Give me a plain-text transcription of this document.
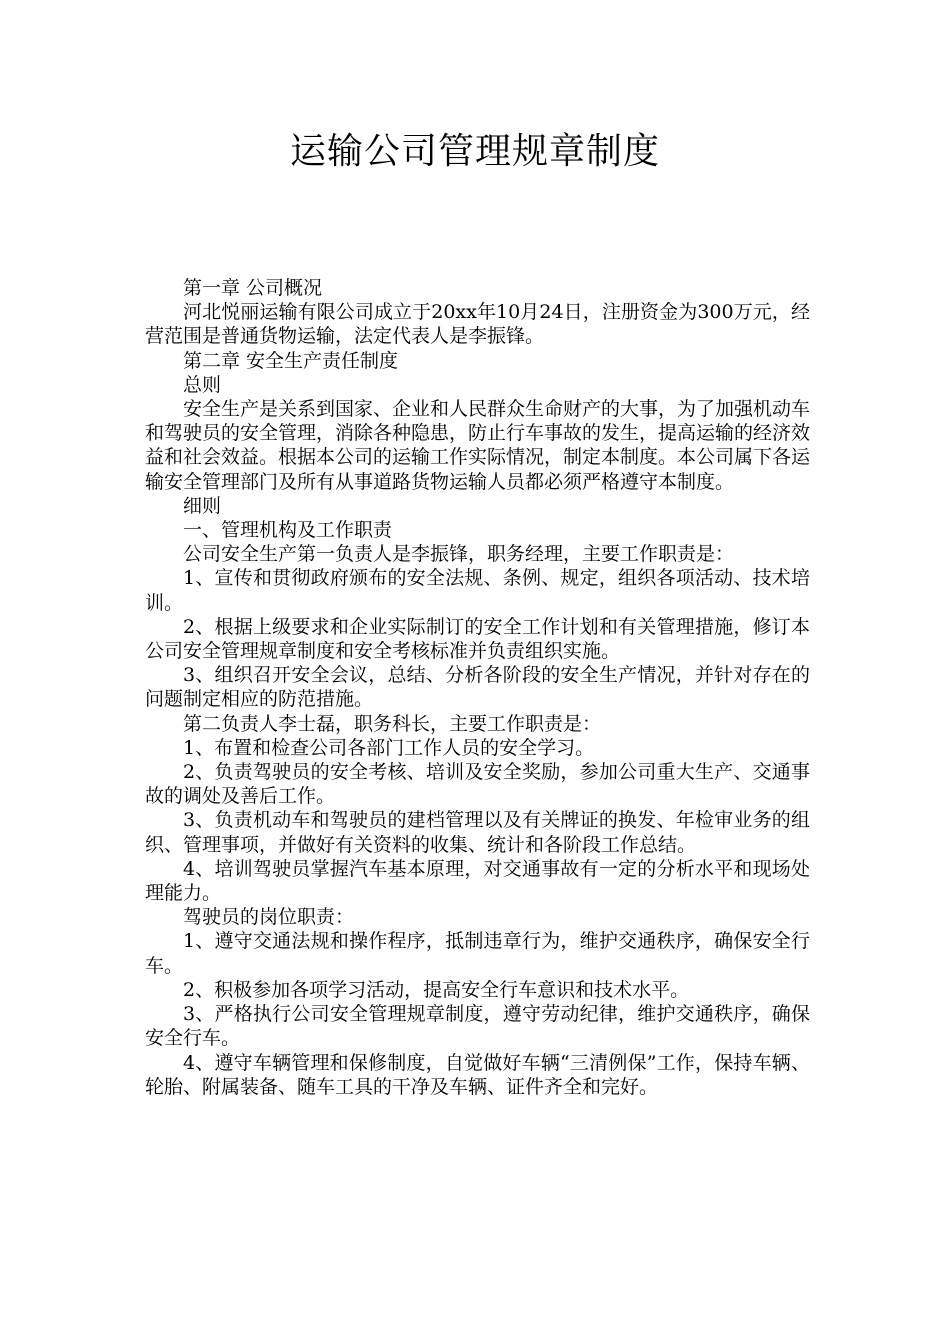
运输公司管理规章制度

第一章 公司概况

河北悦丽运输有限公司成立于20xx年10月24日，注册资金为300万元，经营范围是普通货物运输，法定代表人是李振锋。

第二章 安全生产责任制度

总则

安全生产是关系到国家、企业和人民群众生命财产的大事，为了加强机动车和驾驶员的安全管理，消除各种隐患，防止行车事故的发生，提高运输的经济效益和社会效益。根据本公司的运输工作实际情况，制定本制度。本公司属下各运输安全管理部门及所有从事道路货物运输人员都必须严格遵守本制度。

细则

一、管理机构及工作职责

公司安全生产第一负责人是李振锋，职务经理，主要工作职责是：

1、宣传和贯彻政府颁布的安全法规、条例、规定，组织各项活动、技术培训。

2、根据上级要求和企业实际制订的安全工作计划和有关管理措施，修订本公司安全管理规章制度和安全考核标准并负责组织实施。

3、组织召开安全会议，总结、分析各阶段的安全生产情况，并针对存在的问题制定相应的防范措施。

第二负责人李士磊，职务科长，主要工作职责是：

1、布置和检查公司各部门工作人员的安全学习。

2、负责驾驶员的安全考核、培训及安全奖励，参加公司重大生产、交通事故的调处及善后工作。

3、负责机动车和驾驶员的建档管理以及有关牌证的换发、年检审业务的组织、管理事项，并做好有关资料的收集、统计和各阶段工作总结。

4、培训驾驶员掌握汽车基本原理，对交通事故有一定的分析水平和现场处理能力。

驾驶员的岗位职责：

1、遵守交通法规和操作程序，抵制违章行为，维护交通秩序，确保安全行车。

2、积极参加各项学习活动，提高安全行车意识和技术水平。

3、严格执行公司安全管理规章制度，遵守劳动纪律，维护交通秩序，确保安全行车。

4、遵守车辆管理和保修制度，自觉做好车辆“三清例保”工作，保持车辆、轮胎、附属装备、随车工具的干净及车辆、证件齐全和完好。
